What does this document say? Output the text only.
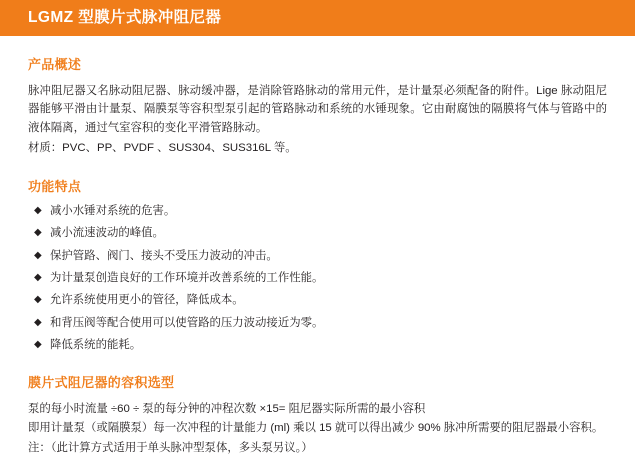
LGMZ 型膜片式脉冲阻尼器
产品概述

脉冲阻尼器又名脉动阻尼器、脉动缓冲器，是消除管路脉动的常用元件，是计量泵必须配备的附件。Lige 脉动阻尼器能够平滑由计量泵、隔膜泵等容积型泵引起的管路脉动和系统的水锤现象。它由耐腐蚀的隔膜将气体与管路中的液体隔离，通过气室容积的变化平滑管路脉动。

材质：PVC、PP、PVDF 、SUS304、SUS316L 等。

功能特点
◆ 减小水锤对系统的危害。
◆ 减小流速波动的峰值。
◆ 保护管路、阀门、接头不受压力波动的冲击。
◆ 为计量泵创造良好的工作环境并改善系统的工作性能。
◆ 允许系统使用更小的管径，降低成本。
◆ 和背压阀等配合使用可以使管路的压力波动接近为零。
◆ 降低系统的能耗。
膜片式阻尼器的容积选型
泵的每小时流量 ÷60 ÷ 泵的每分钟的冲程次数 ×15= 阻尼器实际所需的最小容积
即用计量泵（或隔膜泵）每一次冲程的计量能力 (ml) 乘以 15 就可以得出减少 90% 脉冲所需要的阻尼器最小容积。
注：（此计算方式适用于单头脉冲型泵体，多头泵另议。）
